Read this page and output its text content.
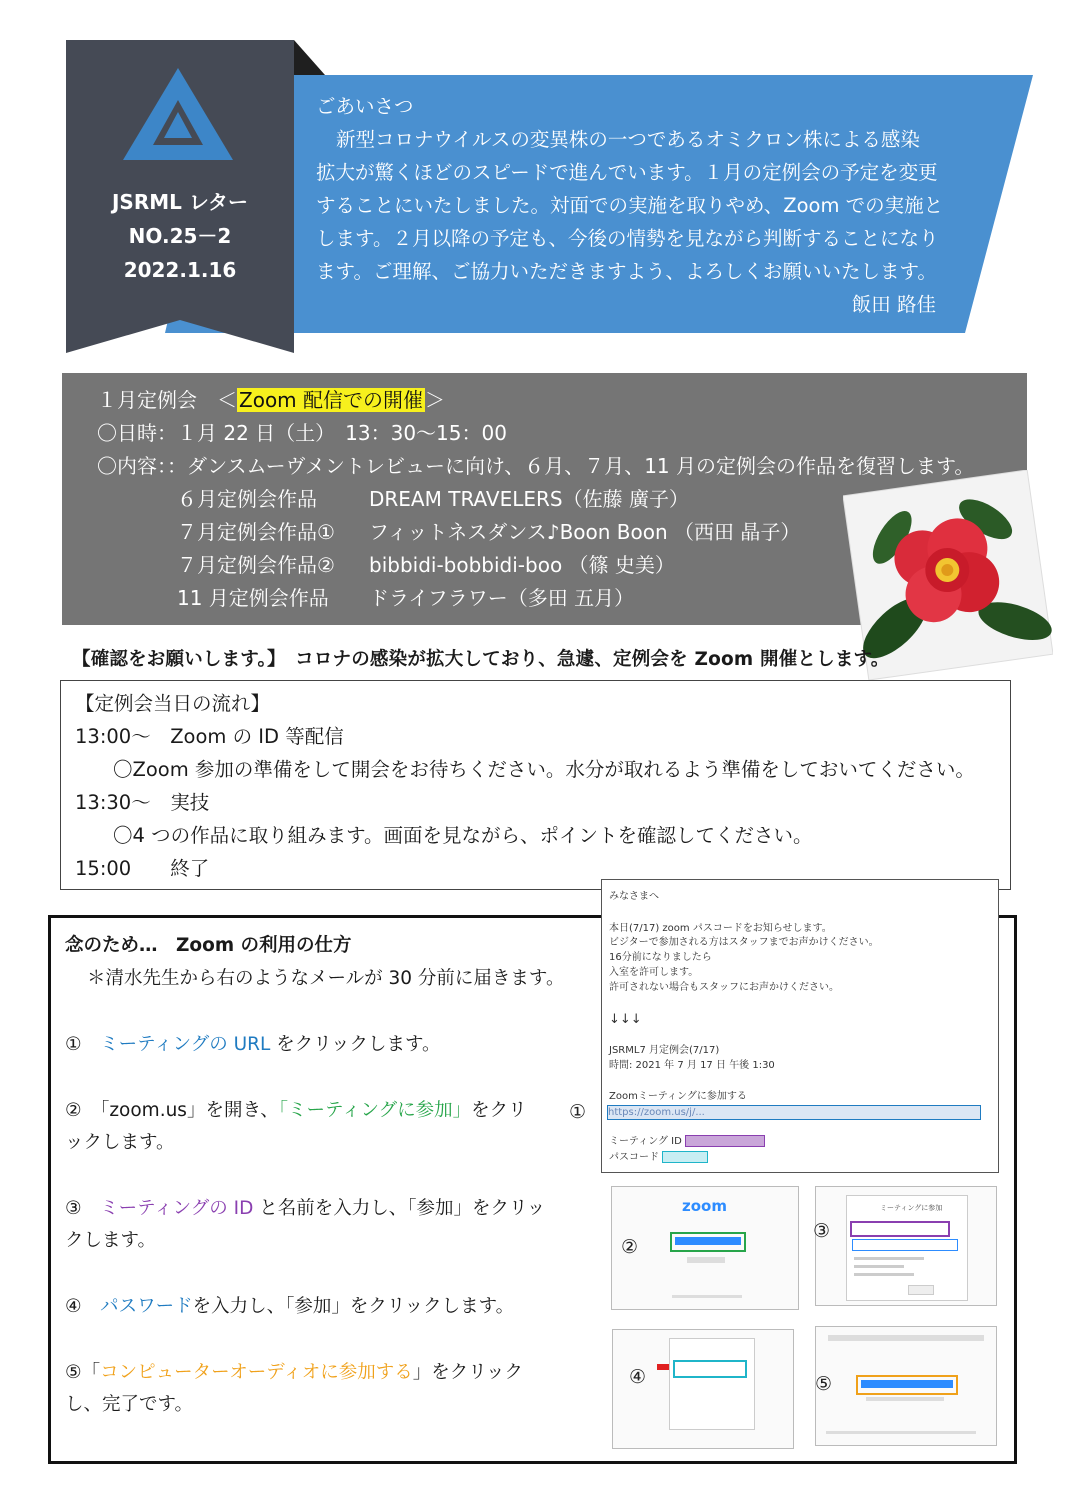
JSRML レター
NO.25－2
2022.1.16
ごあいさつ
新型コロナウイルスの変異株の一つであるオミクロン株による感染
拡大が驚くほどのスピードで進んでいます。１月の定例会の予定を変更
することにいたしました。対面での実施を取りやめ、Zoom での実施と
します。２月以降の予定も、今後の情勢を見ながら判断することになり
ます。ご理解、ご協力いただきますよう、よろしくお願いいたします。
飯田 路佳
１月定例会　＜ Zoom 配信での開催 ＞
〇日時：１月 22 日（土）　13：30～15：00
〇内容：：ダンスムーヴメントレビューに向け、６月、７月、11 月の定例会の作品を復習します。
６月定例会作品	DREAM TRAVELERS（佐藤 廣子）
７月定例会作品① フィットネスダンス♪Boon Boon （西田 晶子）
７月定例会作品② bibbidi-bobbidi-boo （篠 史美）
11 月定例会作品 ドライフラワー（多田 五月）
【確認をお願いします。】　コロナの感染が拡大しており、急遽、定例会を Zoom 開催とします。
【定例会当日の流れ】
13:00～　Zoom の ID 等配信
〇Zoom 参加の準備をして開会をお待ちください。水分が取れるよう準備をしておいてください。
13:30～　実技
〇4 つの作品に取り組みます。画面を見ながら、ポイントを確認してください。
15:00　　終了
念のため…　Zoom の利用の仕方
＊清水先生から右のようなメールが 30 分前に届きます。
①　 ミーティングの URL をクリックします。
②　「zoom.us」を開き、「ミーティングに参加」をクリ
ックします。
③　 ミーティングの ID と名前を入力し、「参加」をクリッ
クします。
④　 パスワードを入力し、「参加」をクリックします。
⑤「コンピューターオーディオに参加する」をクリック
し、完了です。
①
zoom
②
ミーティングに参加
③
④	⑤
みなさまへ
本日(7/17) zoom パスコードをお知らせします。
ビジターで参加される方はスタッフまでお声かけください。
16分前になりましたら
入室を許可します。
許可されない場合もスタッフにお声かけください。
↓↓↓
JSRML7 月定例会(7/17)
時間: 2021 年 7 月 17 日 午後 1:30
Zoomミーティングに参加する
https://zoom.us/j/...
ミーティング ID
パスコード
